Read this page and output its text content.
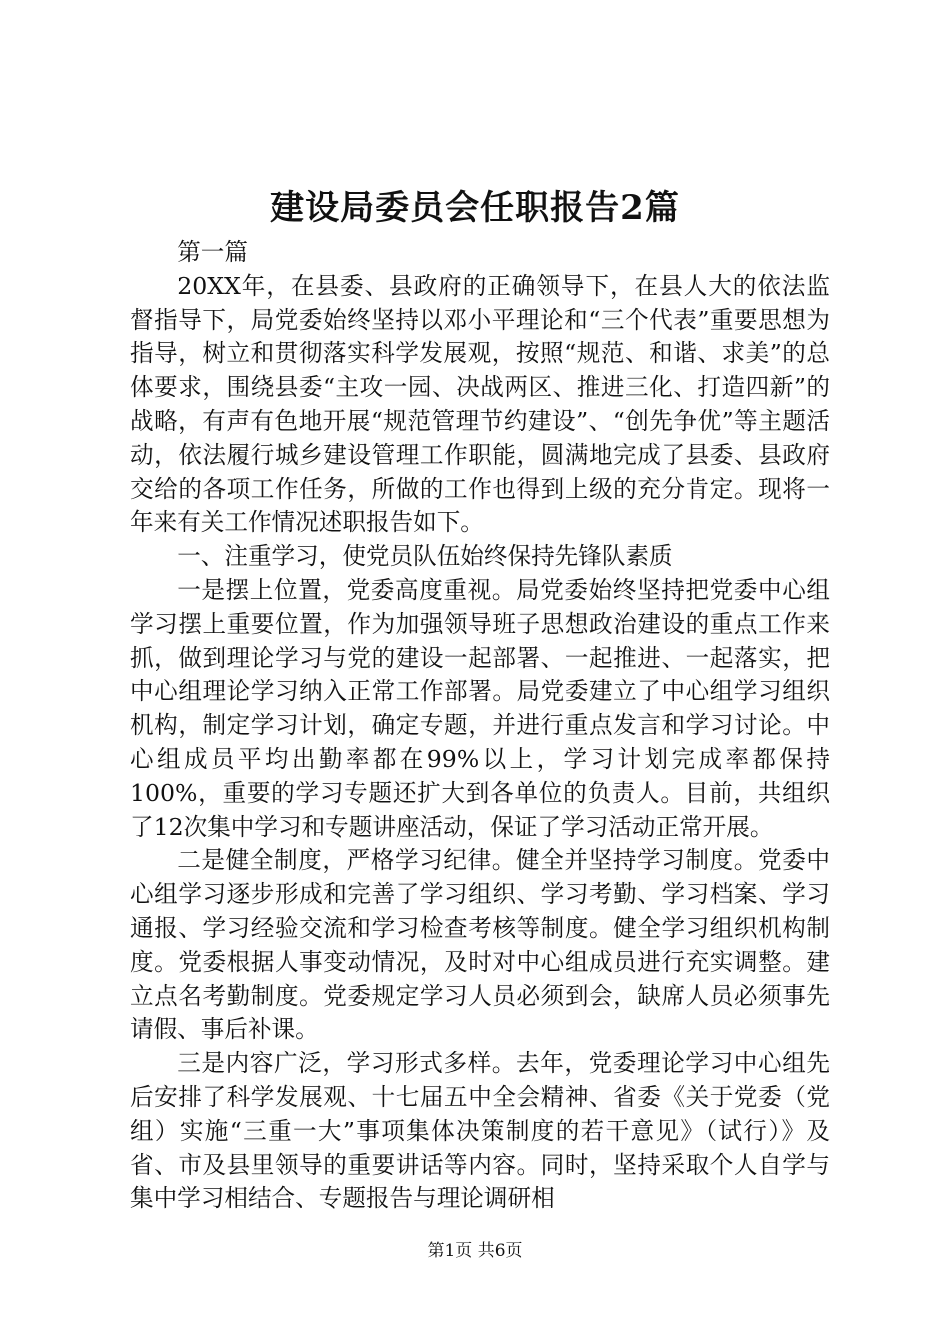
建设局委员会任职报告2篇

第一篇

20XX年，在县委、县政府的正确领导下，在县人大的依法监督指导下，局党委始终坚持以邓小平理论和“三个代表”重要思想为指导，树立和贯彻落实科学发展观，按照“规范、和谐、求美”的总体要求，围绕县委“主攻一园、决战两区、推进三化、打造四新”的战略，有声有色地开展“规范管理节约建设”、“创先争优”等主题活动，依法履行城乡建设管理工作职能，圆满地完成了县委、县政府交给的各项工作任务，所做的工作也得到上级的充分肯定。现将一年来有关工作情况述职报告如下。

一、注重学习，使党员队伍始终保持先锋队素质

一是摆上位置，党委高度重视。局党委始终坚持把党委中心组学习摆上重要位置，作为加强领导班子思想政治建设的重点工作来抓，做到理论学习与党的建设一起部署、一起推进、一起落实，把中心组理论学习纳入正常工作部署。局党委建立了中心组学习组织机构，制定学习计划，确定专题，并进行重点发言和学习讨论。中心组成员平均出勤率都在99%以上，学习计划完成率都保持100%，重要的学习专题还扩大到各单位的负责人。目前，共组织了12次集中学习和专题讲座活动，保证了学习活动正常开展。

二是健全制度，严格学习纪律。健全并坚持学习制度。党委中心组学习逐步形成和完善了学习组织、学习考勤、学习档案、学习通报、学习经验交流和学习检查考核等制度。健全学习组织机构制度。党委根据人事变动情况，及时对中心组成员进行充实调整。建立点名考勤制度。党委规定学习人员必须到会，缺席人员必须事先请假、事后补课。

三是内容广泛，学习形式多样。去年，党委理论学习中心组先后安排了科学发展观、十七届五中全会精神、省委《关于党委（党组）实施“三重一大”事项集体决策制度的若干意见》（试行）》及省、市及县里领导的重要讲话等内容。同时，坚持采取个人自学与集中学习相结合、专题报告与理论调研相

第1页 共6页
